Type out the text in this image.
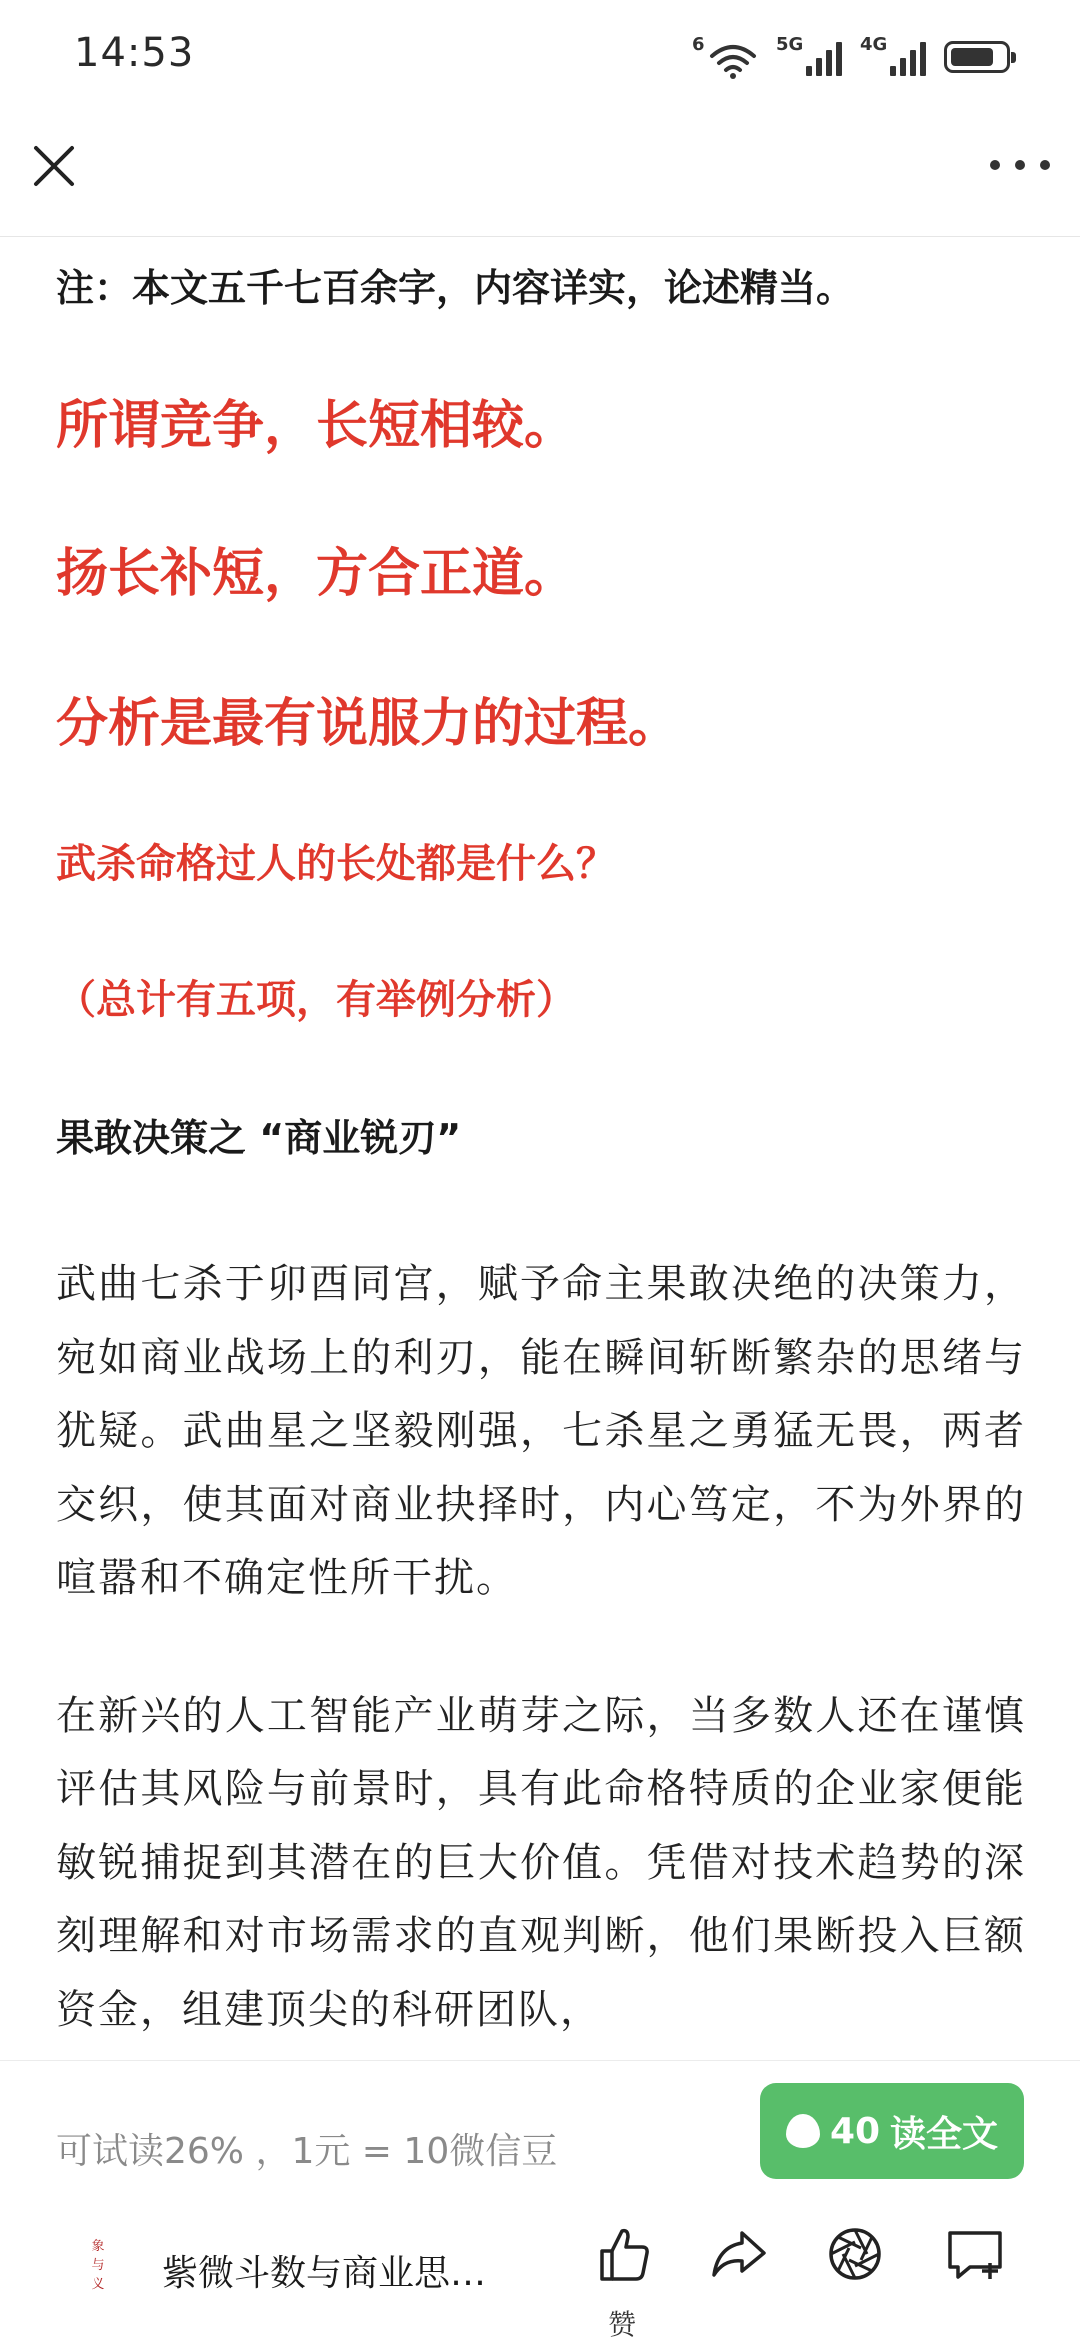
14:53	6	5G	4G

注：本文五千七百余字，内容详实，论述精当。

所谓竞争，长短相较。

扬长补短，方合正道。

分析是最有说服力的过程。

武杀命格过人的长处都是什么？

（总计有五项，有举例分析）

果敢决策之 “商业锐刃”

武曲七杀于卯酉同宫，赋予命主果敢决绝的决策力，宛如商业战场上的利刃，能在瞬间斩断繁杂的思绪与犹疑。武曲星之坚毅刚强，七杀星之勇猛无畏，两者交织，使其面对商业抉择时，内心笃定，不为外界的喧嚣和不确定性所干扰。

在新兴的人工智能产业萌芽之际，当多数人还在谨慎评估其风险与前景时，具有此命格特质的企业家便能敏锐捕捉到其潜在的巨大价值。凭借对技术趋势的深刻理解和对市场需求的直观判断，他们果断投入巨额资金，组建顶尖的科研团队，

可试读26% ，1元 = 10微信豆	40 读全文
象
与
义 紫微斗数与商业思…
赞
